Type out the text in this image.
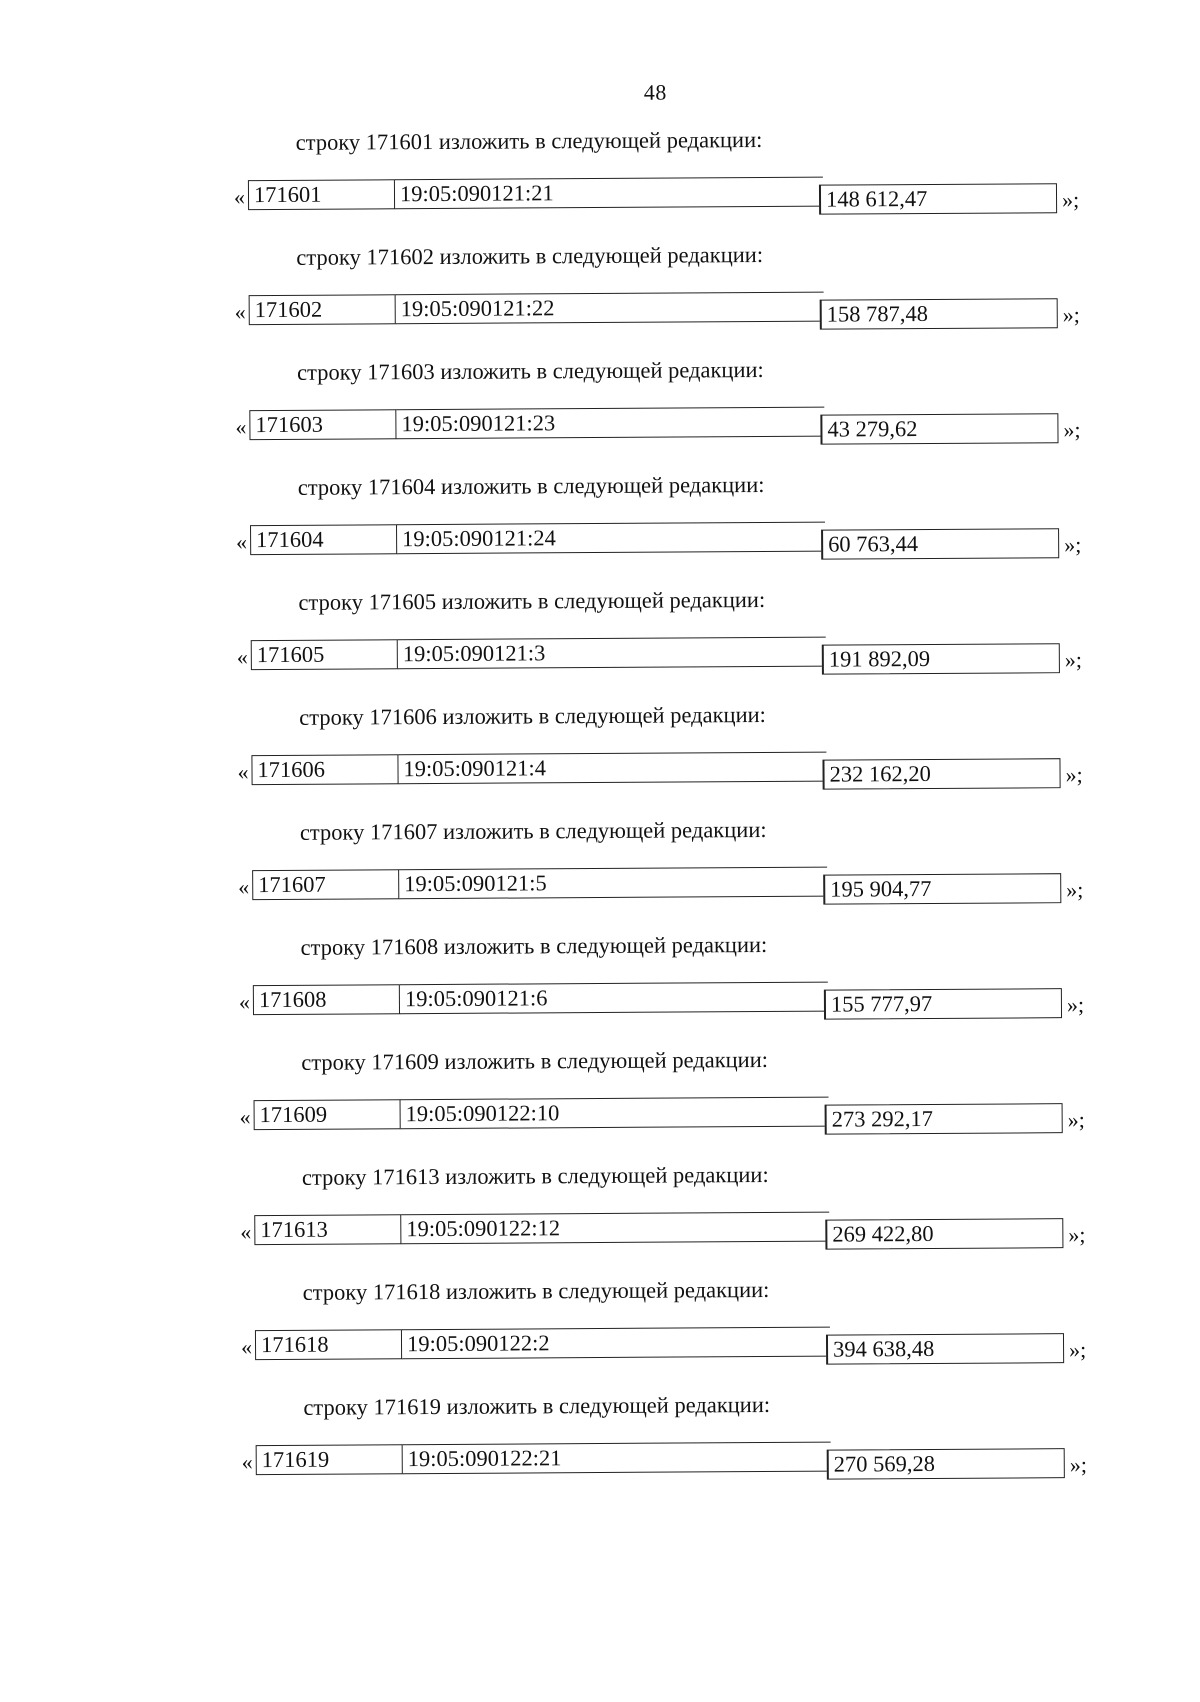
48
строку 171601 изложить в следующей редакции:
« 171601	19:05:090121:21	148 612,47	»;
строку 171602 изложить в следующей редакции:
« 171602	19:05:090121:22	158 787,48	»;
строку 171603 изложить в следующей редакции:
« 171603	19:05:090121:23	43 279,62	»;
строку 171604 изложить в следующей редакции:
« 171604	19:05:090121:24	60 763,44	»;
строку 171605 изложить в следующей редакции:
« 171605	19:05:090121:3	191 892,09	»;
строку 171606 изложить в следующей редакции:
« 171606	19:05:090121:4	232 162,20	»;
строку 171607 изложить в следующей редакции:
« 171607	19:05:090121:5	195 904,77	»;
строку 171608 изложить в следующей редакции:
« 171608	19:05:090121:6	155 777,97	»;
строку 171609 изложить в следующей редакции:
« 171609	19:05:090122:10	273 292,17	»;
строку 171613 изложить в следующей редакции:
« 171613	19:05:090122:12	269 422,80	»;
строку 171618 изложить в следующей редакции:
« 171618	19:05:090122:2	394 638,48	»;
строку 171619 изложить в следующей редакции:
« 171619	19:05:090122:21	270 569,28	»;
